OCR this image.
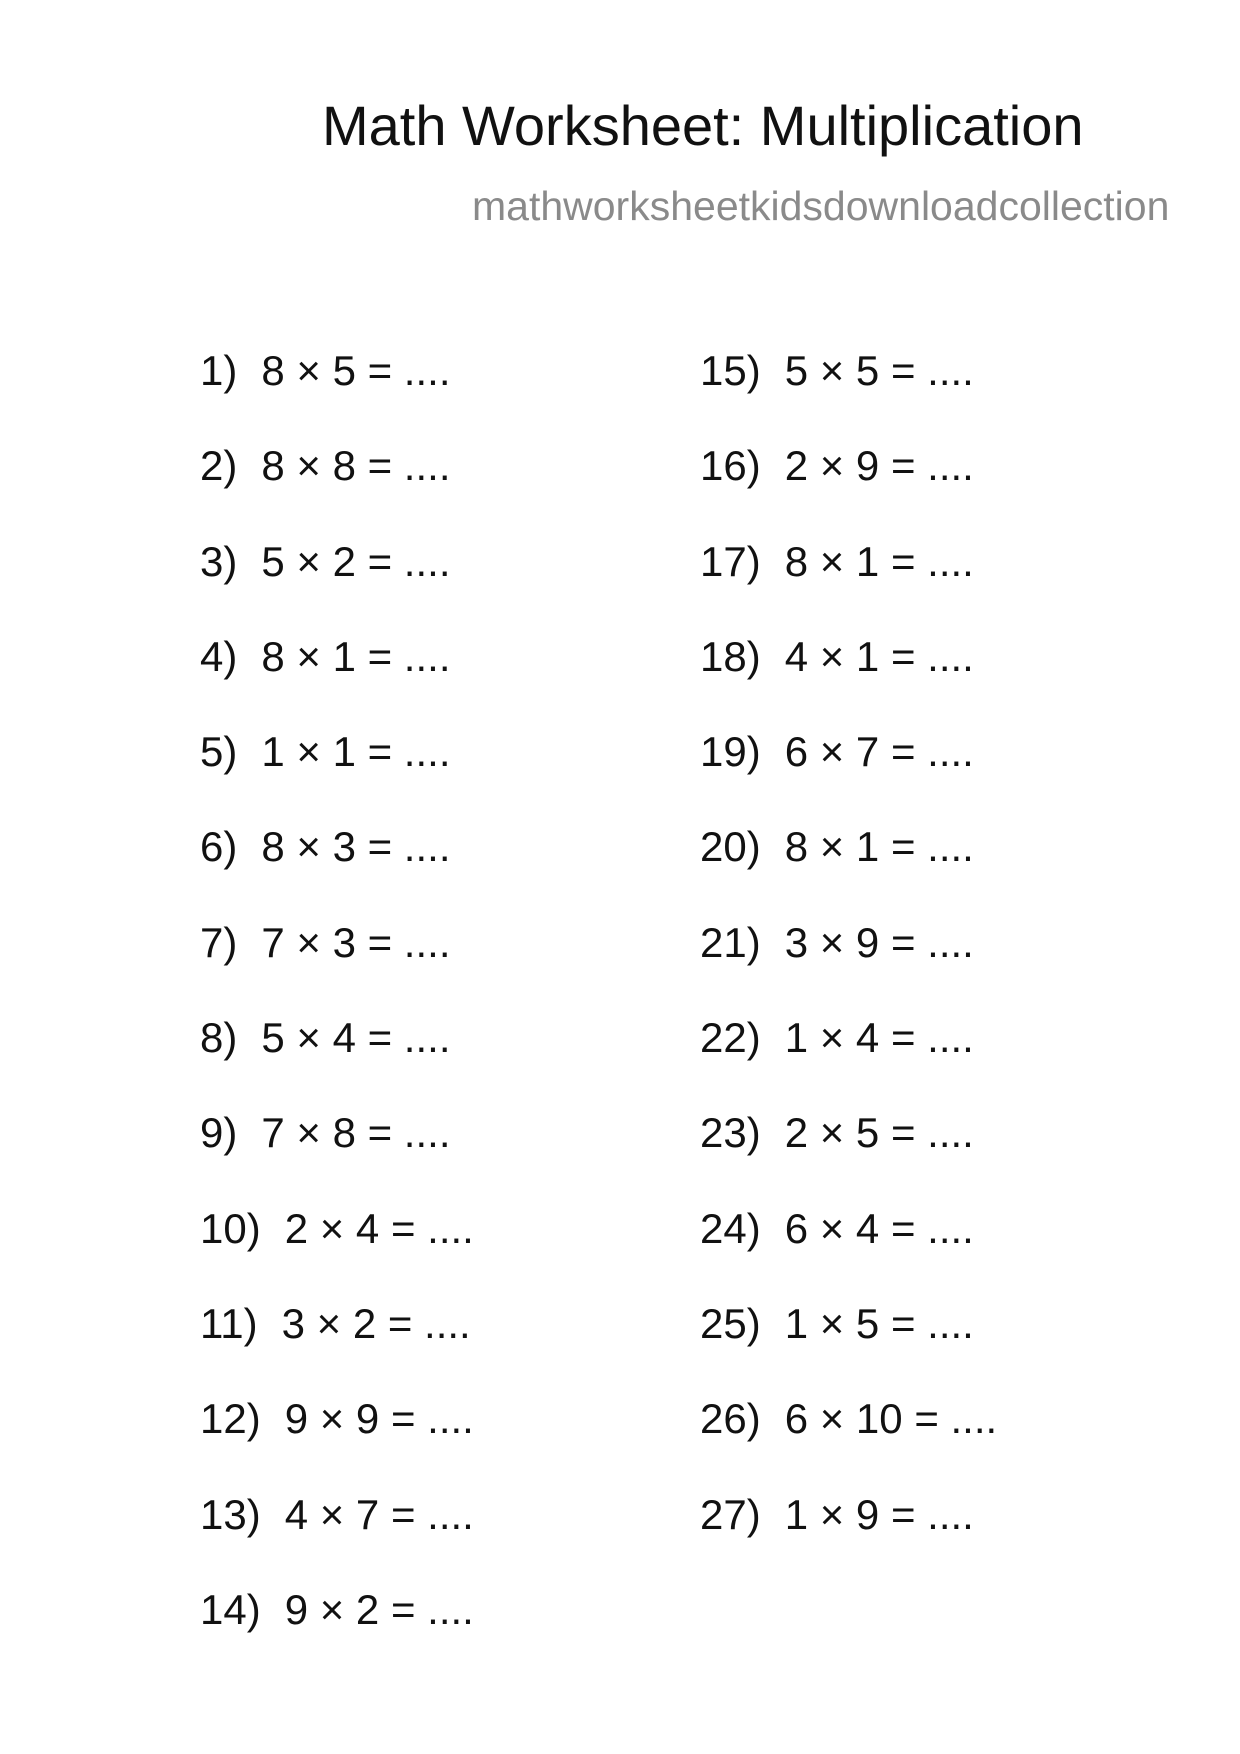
Math Worksheet: Multiplication
mathworksheetkidsdownloadcollection
1) 8 × 5 = ....
2) 8 × 8 = ....
3) 5 × 2 = ....
4) 8 × 1 = ....
5) 1 × 1 = ....
6) 8 × 3 = ....
7) 7 × 3 = ....
8) 5 × 4 = ....
9) 7 × 8 = ....
10) 2 × 4 = ....
11) 3 × 2 = ....
12) 9 × 9 = ....
13) 4 × 7 = ....
14) 9 × 2 = ....
15) 5 × 5 = ....
16) 2 × 9 = ....
17) 8 × 1 = ....
18) 4 × 1 = ....
19) 6 × 7 = ....
20) 8 × 1 = ....
21) 3 × 9 = ....
22) 1 × 4 = ....
23) 2 × 5 = ....
24) 6 × 4 = ....
25) 1 × 5 = ....
26) 6 × 10 = ....
27) 1 × 9 = ....
